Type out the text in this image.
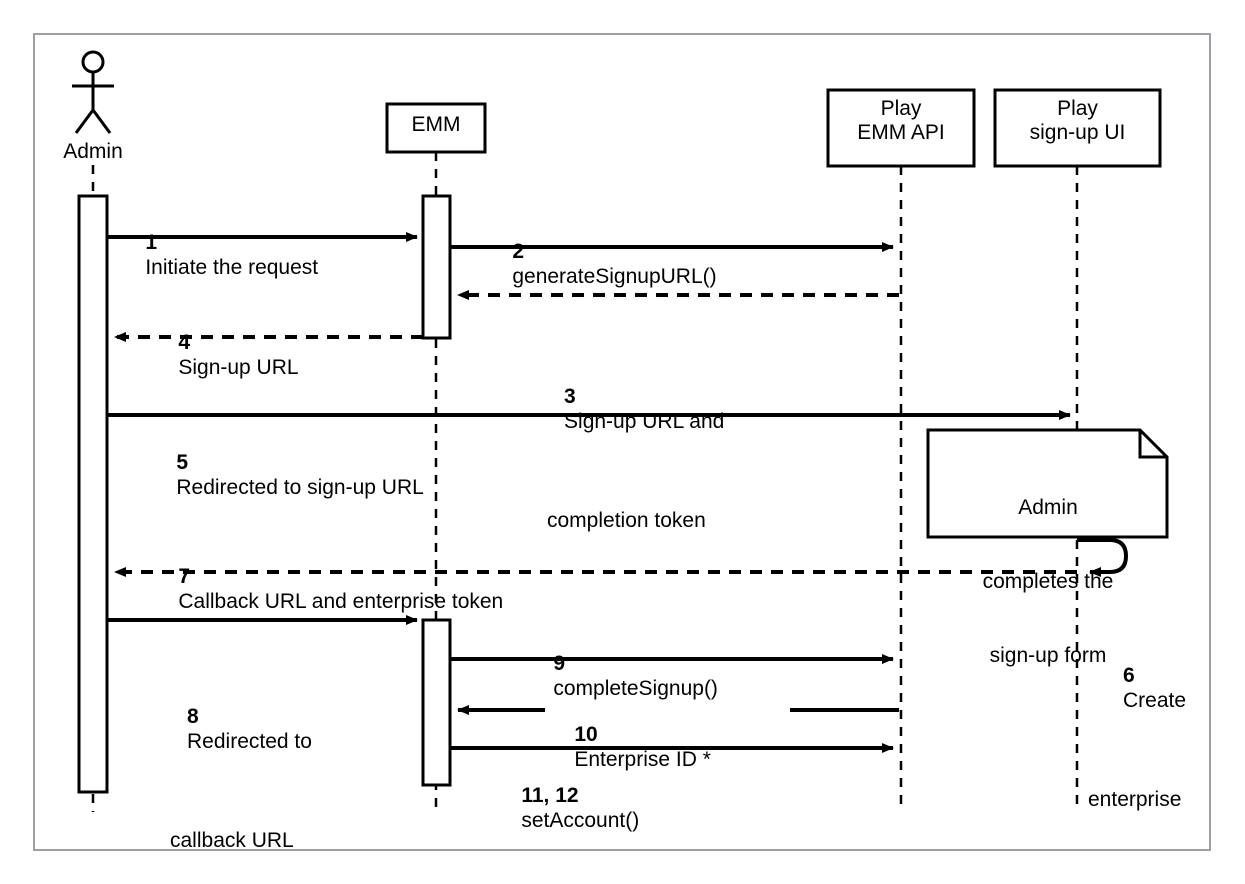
Admin
EMM
Play
EMM API
Play
sign-up UI

1
Initiate the request

2
generateSignupURL()

3
Sign-up URL and

completion token

4
Sign-up URL

5
Redirected to sign-up URL

6
Create

enterprise

7
Callback URL and enterprise token

8
Redirected to

callback URL

9
completeSignup()

10
Enterprise ID *

11, 12
setAccount()

Admin

completes the

sign-up form
